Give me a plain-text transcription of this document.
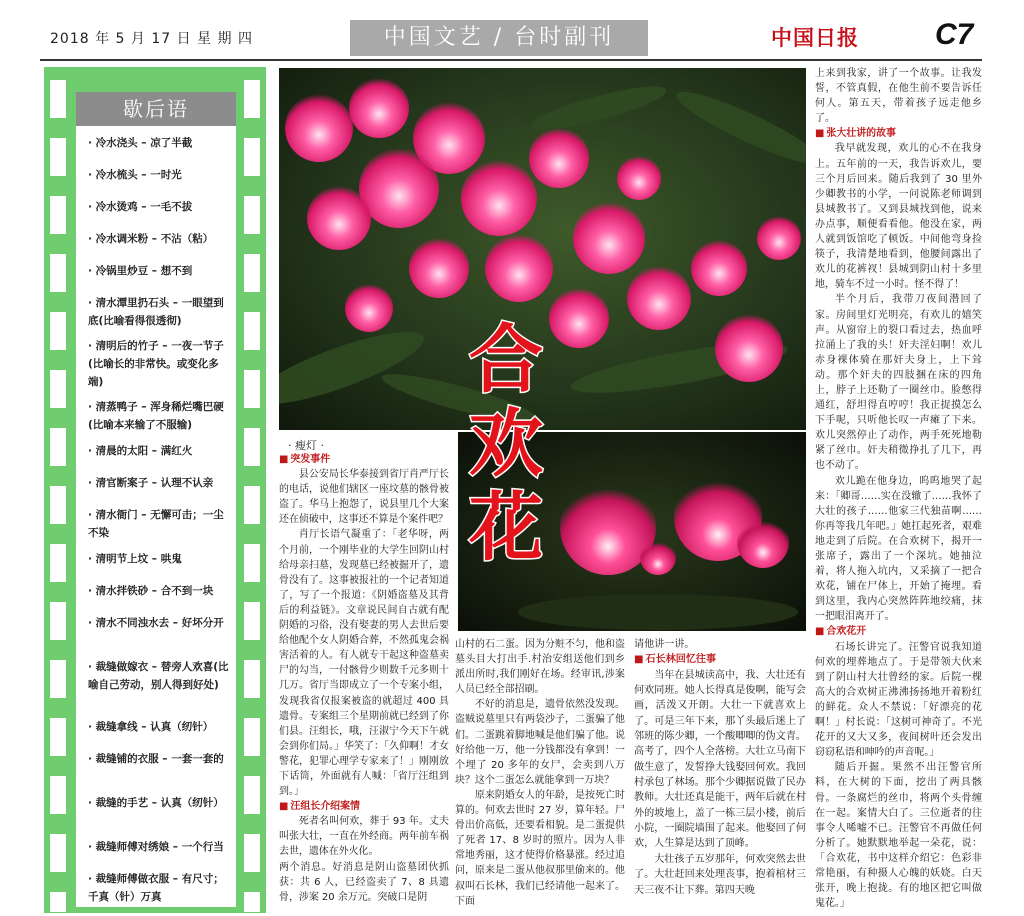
2018 年 5 月 17 日 星 期 四	中国文艺 / 台时副刊	中国日报	C7
歇后语
· 冷水浇头 – 凉了半截
· 冷水梳头 – 一时光
· 冷水烫鸡 – 一毛不拔
· 冷水调米粉 – 不沾（粘）
· 冷锅里炒豆 – 想不到
· 清水潭里扔石头 – 一眼望到底(比喻看得很透彻)
· 清明后的竹子 – 一夜一节子(比喻长的非常快。或变化多端)
· 清蒸鸭子 – 浑身稀烂嘴巴硬(比喻本来输了不服输)
· 清晨的太阳 – 满红火
· 清官断案子 – 认理不认亲
· 清水衙门 – 无懈可击；一尘不染
· 清明节上坟 – 哄鬼
· 清水拌铁砂 – 合不到一块
· 清水不同浊水去 – 好坏分开
· 裁缝做嫁衣 – 替旁人欢喜(比喻自己劳动，别人得到好处)
· 裁缝拿线 – 认真（纫针）
· 裁缝铺的衣服 – 一套一套的
· 裁缝的手艺 – 认真（纫针）
· 裁缝师傅对绣娘 – 一个行当
· 裁缝师傅做衣服 – 有尺寸；千真（针）万真
· 瘦灯 ·
合
欢
花

■ 突发事件

县公安局长华泰接到省厅肖严厅长的电话，说他们辖区一座坟墓的骸骨被盗了。华马上抱怨了，说县里几个大案还在侦破中，这事还不算是个案件吧？

肖厅长语气凝重了：「老华呀，两个月前，一个刚毕业的大学生回阴山村给母亲扫墓，发现墓已经被掘开了，遗骨没有了。这事被报社的一个记者知道了，写了一个报道：《阴婚盗墓及其背后的利益链》。文章说民间自古就有配阴婚的习俗，没有娶妻的男人去世后要给他配个女人阴婚合葬，不然孤鬼会祸害活着的人。有人就专干起这种盗墓卖尸的勾当，一付骸骨少则数千元多则十几万。省厅当即成立了一个专案小组，发现我省仅报案被盗的就超过 400 具遗骨。专案组三个星期前就已经到了你们县。汪组长，哦，汪淑宁今天下午就会到你们局。」华笑了：「久仰啊！才女警花，犯罪心理学专家来了！」刚刚放下话筒，外面就有人喊：「省厅汪组到到。」

■ 汪组长介绍案情

死者名叫何欢，葬于 93 年。丈夫叫张大壮，一直在外经商。两年前车祸去世，遗体在外火化。

两个消息。好消息是阴山盗墓团伙抓获：共 6 人，已经盗卖了 7、8 具遗骨，涉案 20 余万元。突破口是阴

山村的石二蛋。因为分赃不匀，他和盗墓头目大打出手.村治安组送他们到乡派出所时,我们刚好在场。经审讯,涉案人员已经全部招刷。

不好的消息是，遗骨依然没发现。盗贼说墓里只有两袋沙子，二蛋骗了他们。二蛋跳着脚地喊是他们骗了他。说好给他一万，他一分钱都没有拿到！一个埋了 20 多年的女尸，会卖到八万块？这个二蛋怎么就能拿到一万块？

原来阴婚女人的年龄，是按死亡时算的。何欢去世时 27 岁，算年轻。尸骨出价高低，还要看相貌。是二蛋提供了死者 17、8 岁时的照片。因为人非常地秀丽，这才使得价格暴涨。经过追问，原来是二蛋从他叔那里偷来的。他叔叫石长林，我们已经请他一起来了。下面

请他讲一讲。

■ 石长林回忆往事

当年在县城读高中，我、大壮还有何欢同班。她人长得真是俊啊，能写会画，活泼又开朗。大壮一下就喜欢上了。可是三年下来，那丫头最后迷上了邻班的陈少卿，一个酸唧唧的伪文青。高考了，四个人全落榜。大壮立马南下做生意了，发誓挣大钱娶回何欢。我回村承包了林场。那个少卿据说做了民办教师。大壮还真是能干，两年后就在村外的坡地上，盖了一栋三层小楼，前后小院，一圈院墙围了起来。他娶回了何欢，人生算是达到了顶峰。

大壮孩子五岁那年，何欢突然去世了。大壮赶回来处理丧事，抱着棺材三天三夜不让下葬。第四天晚

上来到我家，讲了一个故事。让我发誓，不管真假，在他生前不要告诉任何人。第五天，带着孩子远走他乡了。

■ 张大壮讲的故事

我早就发现，欢儿的心不在我身上。五年前的一天，我告诉欢儿，要三个月后回来。随后我到了 30 里外少卿教书的小学，一问说陈老师调到县城教书了。又到县城找到他，说来办点事，顺便看看他。他没在家，两人就到饭馆吃了顿饭。中间他弯身捡筷子，我清楚地看到，他腰间露出了欢儿的花裤衩！县城到阴山村十多里地，骑车不过一小时。怪不得了！

半个月后，我带刀夜间潜回了家。房间里灯光明亮，有欢儿的嬉笑声。从窗帘上的裂口看过去，热血呼拉涌上了我的头！奸夫淫妇啊！欢儿赤身裸体骑在那奸夫身上，上下耸动。那个奸夫的四肢捆在床的四角上，脖子上还勒了一圈丝巾。脸憋得通红，舒坦得直哼哼！我正捉摸怎么下手呢，只听他长叹一声瘫了下来。欢儿突然停止了动作，两手死死地勒紧了丝巾。奸夫稍微挣扎了几下，再也不动了。

欢儿跪在他身边，呜呜地哭了起来：「卿哥……实在没辙了……我怀了大壮的孩子……他家三代独苗啊……你再等我几年吧。」她扛起死者，艰难地走到了后院。在合欢树下，揭开一张席子，露出了一个深坑。她抽泣着，将人拖入坑内，又采摘了一把合欢花，铺在尸体上，开始了掩埋。看到这里，我内心突然阵阵地绞痛，抹一把眼泪离开了。

■ 合欢花开

石场长讲完了。汪警官说我知道何欢的埋葬地点了。于是带领大伙来到了阴山村大壮曾经的家。后院一棵高大的合欢树正沸沸扬扬地开着粉红的鲜花。众人不禁说：「好漂亮的花啊！」村长说：「这树可神奇了。不光花开的又大又多，夜间树叶还会发出窃窃私语和呻吟的声音呢。」

随后开掘。果然不出汪警官所料，在大树的下面，挖出了两具骸骨。一条腐烂的丝巾，将两个头骨缠在一起。案情大白了。三位逝者的往事令人唏嘘不已。汪警官不再做任何分析了。她默默地举起一朵花，说：「合欢花，书中这样介绍它：色彩非常艳丽，有种摄人心魄的妖娆。白天张开，晚上抱拢。有的地区把它叫做鬼花。」
